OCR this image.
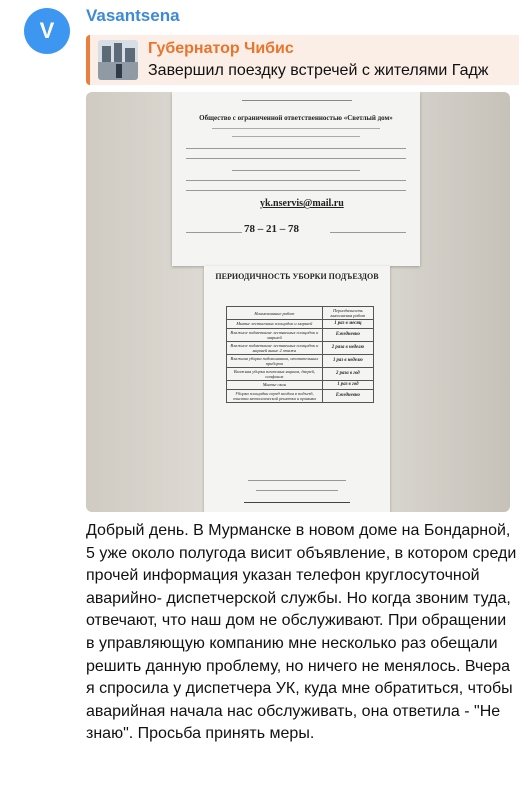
V
Vasantsena
Губернатор Чибис
Завершил поездку встречей с жителями Гадж
Общество с ограниченной ответственностью «Светлый дом»
yk.nservis@mail.ru
78 – 21 – 78
ПЕРИОДИЧНОСТЬ УБОРКИ ПОДЪЕЗДОВ
Наименование работ	Периодичность выполнения работ
Мытье лестничных площадок и маршей	1 раз в месяц
Влажное подметание лестничных площадок и маршей	Ежедневно
Влажное подметание лестничных площадок и маршей выше 2 этажа	2 раза в неделю
Влажная уборка подоконников, отопительных приборов	1 раз в неделю
Влажная уборка почтовых ящиков, дверей, плафонов	2 раза в год
Мытье окон	1 раз в год
Уборка площадки перед входом в подъезд, очистка металлической решетки и приямка	Ежедневно
Добрый день. В Мурманске в новом доме на Бондарной, 5 уже около полугода висит объявление, в котором среди прочей информация указан телефон круглосуточной аварийно- диспетчерской службы. Но когда звоним туда, отвечают, что наш дом не обслуживают. При обращении в управляющую компанию мне несколько раз обещали решить данную проблему, но ничего не менялось. Вчера я спросила у диспетчера УК, куда мне обратиться, чтобы аварийная начала нас обслуживать, она ответила - "Не знаю". Просьба принять меры.
